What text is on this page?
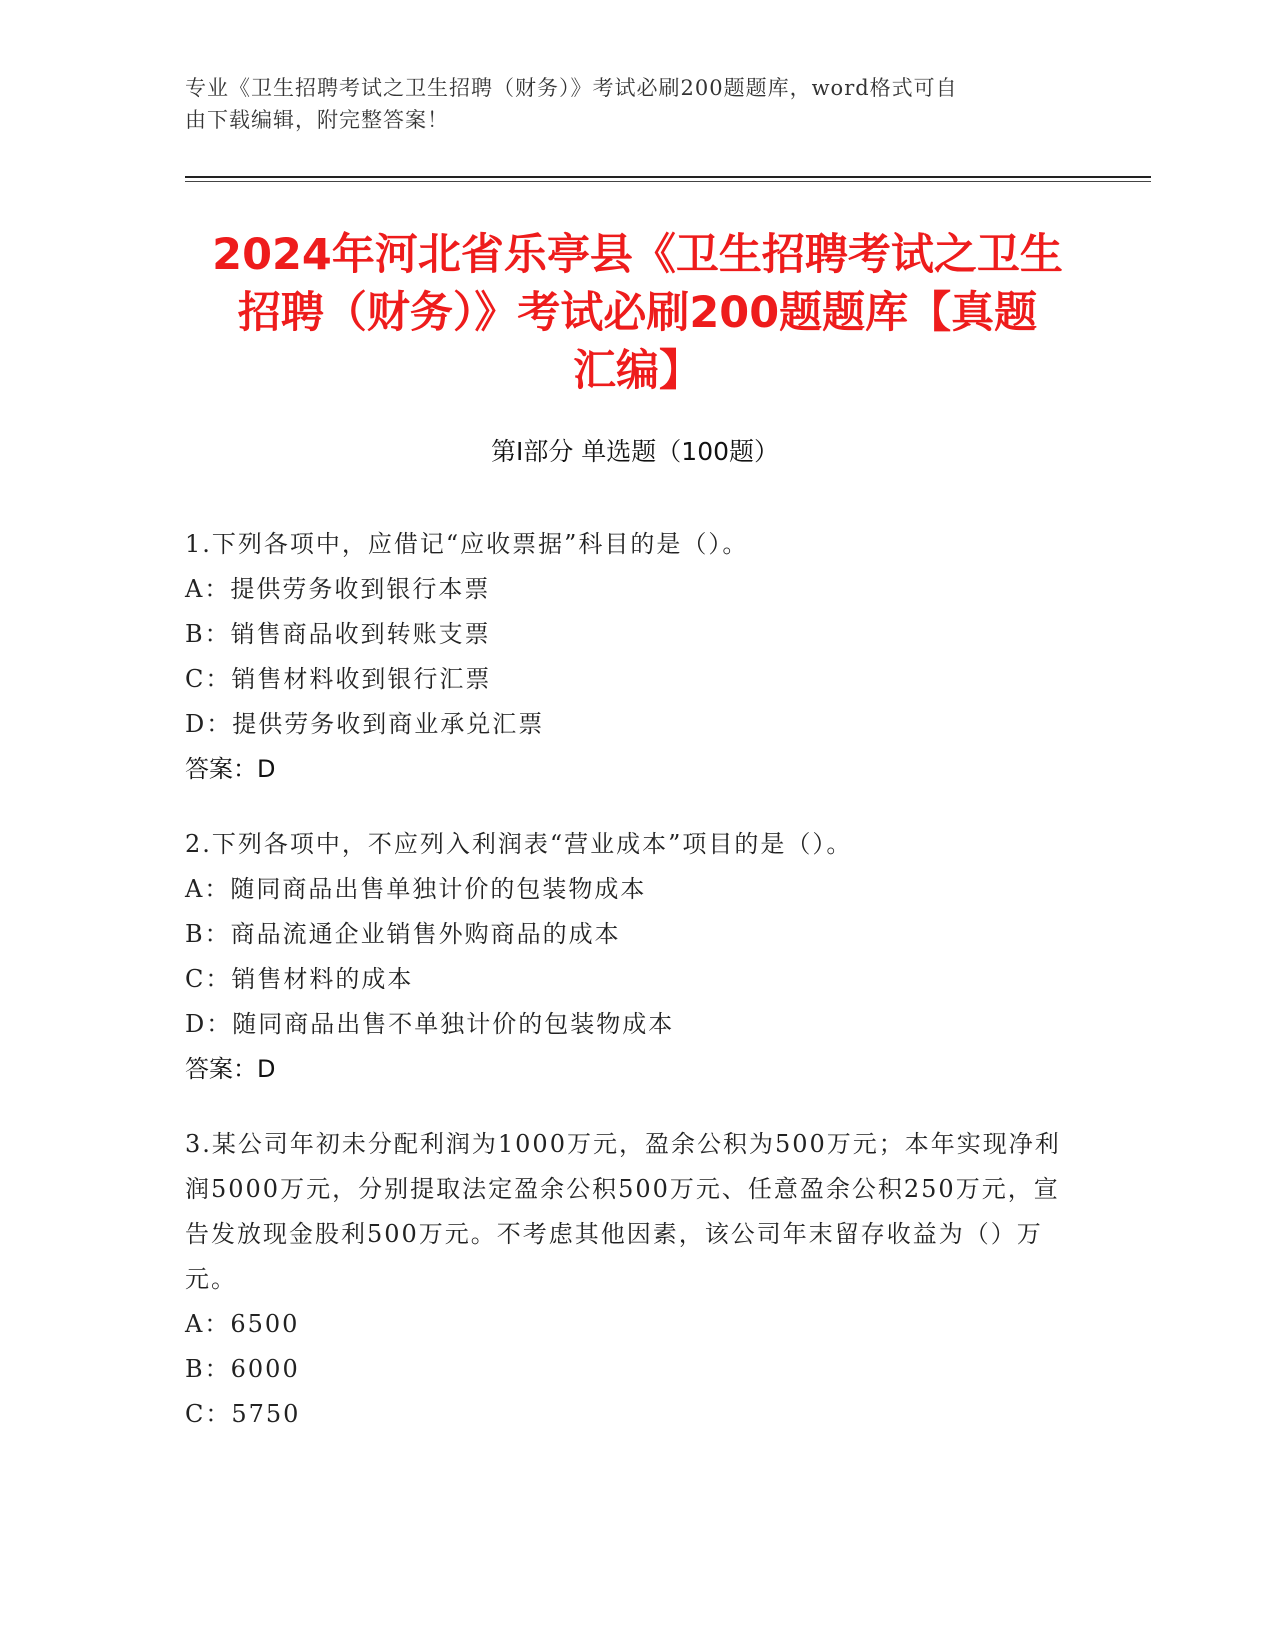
专业《卫生招聘考试之卫生招聘（财务）》考试必刷200题题库，word格式可自
由下载编辑，附完整答案！
2024年河北省乐亭县《卫生招聘考试之卫生
招聘（财务）》考试必刷200题题库【真题
汇编】
第I部分 单选题（100题）
1.下列各项中，应借记“应收票据”科目的是（）。
A：提供劳务收到银行本票
B：销售商品收到转账支票
C：销售材料收到银行汇票
D：提供劳务收到商业承兑汇票
答案：D
2.下列各项中，不应列入利润表“营业成本”项目的是（）。
A：随同商品出售单独计价的包装物成本
B：商品流通企业销售外购商品的成本
C：销售材料的成本
D：随同商品出售不单独计价的包装物成本
答案：D
3.某公司年初未分配利润为1000万元，盈余公积为500万元；本年实现净利润5000万元，分别提取法定盈余公积500万元、任意盈余公积250万元，宣告发放现金股利500万元。不考虑其他因素，该公司年末留存收益为（）万元。
A：6500
B：6000
C：5750
